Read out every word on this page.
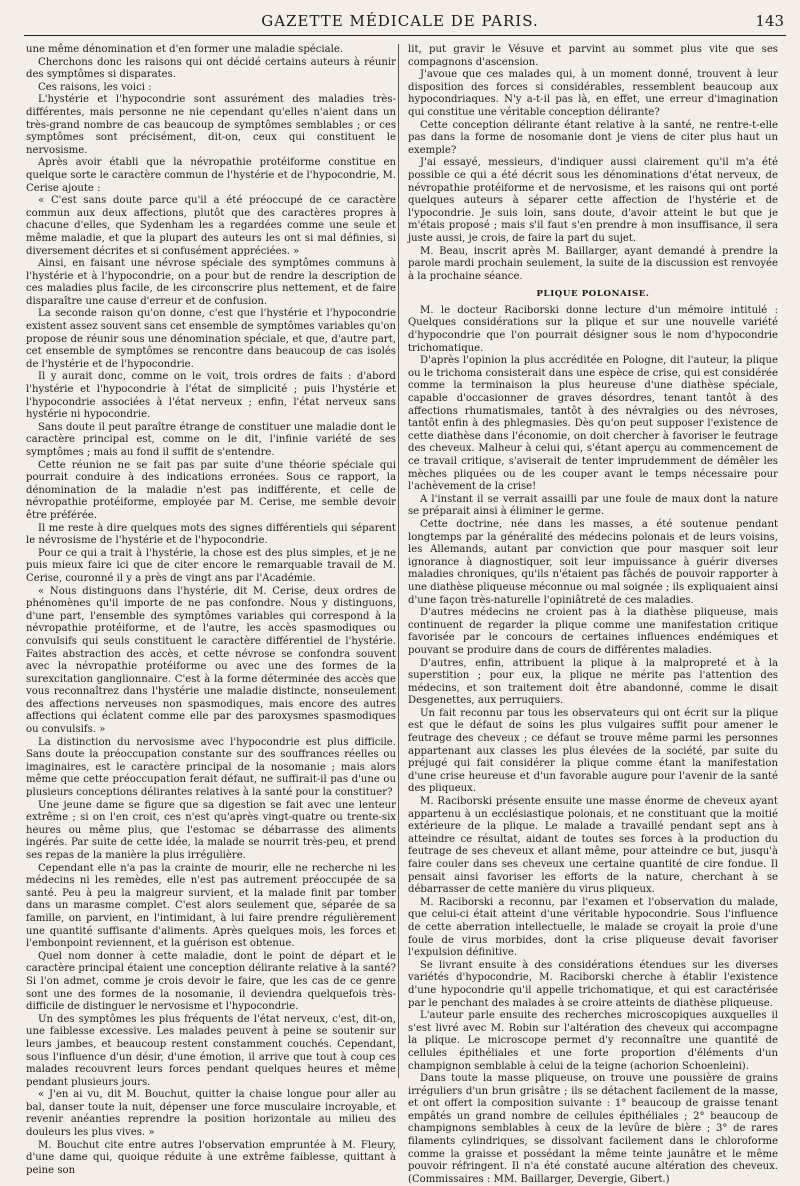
GAZETTE MÉDICALE DE PARIS.	143

une même dénomination et d'en former une maladie spéciale.

Cherchons donc les raisons qui ont décidé certains auteurs à réunir des symptômes si disparates.

Ces raisons, les voici :

L'hystérie et l'hypocondrie sont assurément des maladies très-différentes, mais personne ne nie cependant qu'elles n'aient dans un très-grand nombre de cas beaucoup de symptômes semblables ; or ces symptômes sont précisément, dit-on, ceux qui constituent le nervosisme.

Après avoir établi que la névropathie protéiforme constitue en quelque sorte le caractère commun de l'hystérie et de l'hypocondrie, M. Cerise ajoute :

« C'est sans doute parce qu'il a été préoccupé de ce caractère commun aux deux affections, plutôt que des caractères propres à chacune d'elles, que Sydenham les a regardées comme une seule et même maladie, et que la plupart des auteurs les ont si mal définies, si diversement décrites et si confusément appréciées. »

Ainsi, en faisant une névrose spéciale des symptômes communs à l'hystérie et à l'hypocondrie, on a pour but de rendre la description de ces maladies plus facile, de les circonscrire plus nettement, et de faire disparaître une cause d'erreur et de confusion.

La seconde raison qu'on donne, c'est que l'hystérie et l'hypocondrie existent assez souvent sans cet ensemble de symptômes variables qu'on propose de réunir sous une dénomination spéciale, et que, d'autre part, cet ensemble de symptômes se rencontre dans beaucoup de cas isolés de l'hystérie et de l'hypocondrie.

Il y aurait donc, comme on le voit, trois ordres de faits : d'abord l'hystérie et l'hypocondrie à l'état de simplicité ; puis l'hystérie et l'hypocondrie associées à l'état nerveux ; enfin, l'état nerveux sans hystérie ni hypocondrie.

Sans doute il peut paraître étrange de constituer une maladie dont le caractère principal est, comme on le dit, l'infinie variété de ses symptômes ; mais au fond il suffit de s'entendre.

Cette réunion ne se fait pas par suite d'une théorie spéciale qui pourrait conduire à des indications erronées. Sous ce rapport, la dénomination de la maladie n'est pas indifférente, et celle de névropathie protéiforme, employée par M. Cerise, me semble devoir être préférée.

Il me reste à dire quelques mots des signes différentiels qui séparent le névrosisme de l'hystérie et de l'hypocondrie.

Pour ce qui a trait à l'hystérie, la chose est des plus simples, et je ne puis mieux faire ici que de citer encore le remarquable travail de M. Cerise, couronné il y a près de vingt ans par l'Académie.

« Nous distinguons dans l'hystérie, dit M. Cerise, deux ordres de phénomènes qu'il importe de ne pas confondre. Nous y distinguons, d'une part, l'ensemble des symptômes variables qui correspond à la névropathie protéiforme, et de l'autre, les accès spasmodiques ou convulsifs qui seuls constituent le caractère différentiel de l'hystérie. Faites abstraction des accès, et cette névrose se confondra souvent avec la névropathie protéiforme ou avec une des formes de la surexcitation ganglionnaire. C'est à la forme déterminée des accès que vous reconnaîtrez dans l'hystérie une maladie distincte, nonseulement des affections nerveuses non spasmodiques, mais encore des autres affections qui éclatent comme elle par des paroxysmes spasmodiques ou convulsifs. »

La distinction du nervosisme avec l'hypocondrie est plus difficile. Sans doute la préoccupation constante sur des souffrances réelles ou imaginaires, est le caractère principal de la nosomanie ; mais alors même que cette préoccupation ferait défaut, ne suffirait-il pas d'une ou plusieurs conceptions délirantes relatives à la santé pour la constituer?

Une jeune dame se figure que sa digestion se fait avec une lenteur extrême ; si on l'en croit, ces n'est qu'après vingt-quatre ou trente-six heures ou même plus, que l'estomac se débarrasse des aliments ingérés. Par suite de cette idée, la malade se nourrit très-peu, et prend ses repas de la manière la plus irrégulière.

Cependant elle n'a pas la crainte de mourir, elle ne recherche ni les médecins ni les remèdes, elle n'est pas autrement préoccupée de sa santé. Peu à peu la maigreur survient, et la malade finit par tomber dans un marasme complet. C'est alors seulement que, séparée de sa famille, on parvient, en l'intimidant, à lui faire prendre régulièrement une quantité suffisante d'aliments. Après quelques mois, les forces et l'embonpoint reviennent, et la guérison est obtenue.

Quel nom donner à cette maladie, dont le point de départ et le caractère principal étaient une conception délirante relative à la santé? Si l'on admet, comme je crois devoir le faire, que les cas de ce genre sont une des formes de la nosomanie, il deviendra quelquefois très-difficile de distinguer le nervosisme et l'hypocondrie.

Un des symptômes les plus fréquents de l'état nerveux, c'est, dit-on, une faiblesse excessive. Les malades peuvent à peine se soutenir sur leurs jambes, et beaucoup restent constamment couchés. Cependant, sous l'influence d'un désir, d'une émotion, il arrive que tout à coup ces malades recouvrent leurs forces pendant quelques heures et même pendant plusieurs jours.

« J'en ai vu, dit M. Bouchut, quitter la chaise longue pour aller au bal, danser toute la nuit, dépenser une force musculaire incroyable, et revenir anéanties reprendre la position horizontale au milieu des douleurs les plus vives. »

M. Bouchut cite entre autres l'observation empruntée à M. Fleury, d'une dame qui, quoique réduite à une extrême faiblesse, quittant à peine son

lit, put gravir le Vésuve et parvint au sommet plus vite que ses compagnons d'ascension.

J'avoue que ces malades qui, à un moment donné, trouvent à leur disposition des forces si considérables, ressemblent beaucoup aux hypocondriaques. N'y a-t-il pas là, en effet, une erreur d'imagination qui constitue une véritable conception délirante?

Cette conception délirante étant relative à la santé, ne rentre-t-elle pas dans la forme de nosomanie dont je viens de citer plus haut un exemple?

J'ai essayé, messieurs, d'indiquer aussi clairement qu'il m'a été possible ce qui a été décrit sous les dénominations d'état nerveux, de névropathie protéiforme et de nervosisme, et les raisons qui ont porté quelques auteurs à séparer cette affection de l'hystérie et de l'ypocondrie. Je suis loin, sans doute, d'avoir atteint le but que je m'étais proposé ; mais s'il faut s'en prendre à mon insuffisance, il sera juste aussi, je crois, de faire la part du sujet.

M. Beau, inscrit après M. Baillarger, ayant demandé à prendre la parole mardi prochain seulement, la suite de la discussion est renvoyée à la prochaine séance.

PLIQUE POLONAISE.

M. le docteur Raciborski donne lecture d'un mémoire intitulé : Quelques considérations sur la plique et sur une nouvelle variété d'hypocondrie que l'on pourrait désigner sous le nom d'hypocondrie trichomatique.

D'après l'opinion la plus accréditée en Pologne, dit l'auteur, la plique ou le trichoma consisterait dans une espèce de crise, qui est considérée comme la terminaison la plus heureuse d'une diathèse spéciale, capable d'occasionner de graves désordres, tenant tantôt à des affections rhumatismales, tantôt à des névralgies ou des névroses, tantôt enfin à des phlegmasies. Dès qu'on peut supposer l'existence de cette diathèse dans l'économie, on doit chercher à favoriser le feutrage des cheveux. Malheur à celui qui, s'étant aperçu au commencement de ce travail critique, s'aviserait de tenter imprudemment de démêler les mèches pliquées ou de les couper avant le temps nécessaire pour l'achèvement de la crise!

A l'instant il se verrait assailli par une foule de maux dont la nature se préparait ainsi à éliminer le germe.

Cette doctrine, née dans les masses, a été soutenue pendant longtemps par la généralité des médecins polonais et de leurs voisins, les Allemands, autant par conviction que pour masquer soit leur ignorance à diagnostiquer, soit leur impuissance à guérir diverses maladies chroniques, qu'ils n'étaient pas fâchés de pouvoir rapporter à une diathèse pliqueuse méconnue ou mal soignée ; ils expliquaient ainsi d'une façon très-naturelle l'opiniâtreté de ces maladies.

D'autres médecins ne croient pas à la diathèse pliqueuse, mais continuent de regarder la plique comme une manifestation critique favorisée par le concours de certaines influences endémiques et pouvant se produire dans de cours de différentes maladies.

D'autres, enfin, attribuent la plique à la malpropreté et à la superstition ; pour eux, la plique ne mérite pas l'attention des médecins, et son traitement doit être abandonné, comme le disait Desgenettes, aux perruquiers.

Un fait reconnu par tous les observateurs qui ont écrit sur la plique est que le défaut de soins les plus vulgaires suffit pour amener le feutrage des cheveux ; ce défaut se trouve même parmi les personnes appartenant aux classes les plus élevées de la société, par suite du préjugé qui fait considérer la plique comme étant la manifestation d'une crise heureuse et d'un favorable augure pour l'avenir de la santé des pliqueux.

M. Raciborski présente ensuite une masse énorme de cheveux ayant appartenu à un ecclésiastique polonais, et ne constituant que la moitié extérieure de la plique. Le malade a travaillé pendant sept ans à atteindre ce résultat, aidant de toutes ses forces à la production du feutrage de ses cheveux et allant même, pour atteindre ce but, jusqu'à faire couler dans ses cheveux une certaine quantité de cire fondue. Il pensait ainsi favoriser les efforts de la nature, cherchant à se débarrasser de cette manière du virus pliqueux.

M. Raciborski a reconnu, par l'examen et l'observation du malade, que celui-ci était atteint d'une véritable hypocondrie. Sous l'influence de cette aberration intellectuelle, le malade se croyait la proie d'une foule de virus morbides, dont la crise pliqueuse devait favoriser l'expulsion définitive.

Se livrant ensuite à des considérations étendues sur les diverses variétés d'hypocondrie, M. Raciborski cherche à établir l'existence d'une hypocondrie qu'il appelle trichomatique, et qui est caractérisée par le penchant des malades à se croire atteints de diathèse pliqueuse.

L'auteur parle ensuite des recherches microscopiques auxquelles il s'est livré avec M. Robin sur l'altération des cheveux qui accompagne la plique. Le microscope permet d'y reconnaître une quantité de cellules épithéliales et une forte proportion d'éléments d'un champignon semblable à celui de la teigne (achorion Schoenleini).

Dans toute la masse pliqueuse, on trouve une poussière de grains irréguliers d'un brun grisâtre ; ils se détachent facilement de la masse, et ont offert la composition suivante : 1° beaucoup de graisse tenant empâtés un grand nombre de cellules épithéliales ; 2° beaucoup de champignons semblables à ceux de la levûre de bière ; 3° de rares filaments cylindriques, se dissolvant facilement dans le chloroforme comme la graisse et possédant la même teinte jaunâtre et le même pouvoir réfringent. Il n'a été constaté aucune altération des cheveux. (Commissaires : MM. Baillarger, Devergie, Gibert.)
